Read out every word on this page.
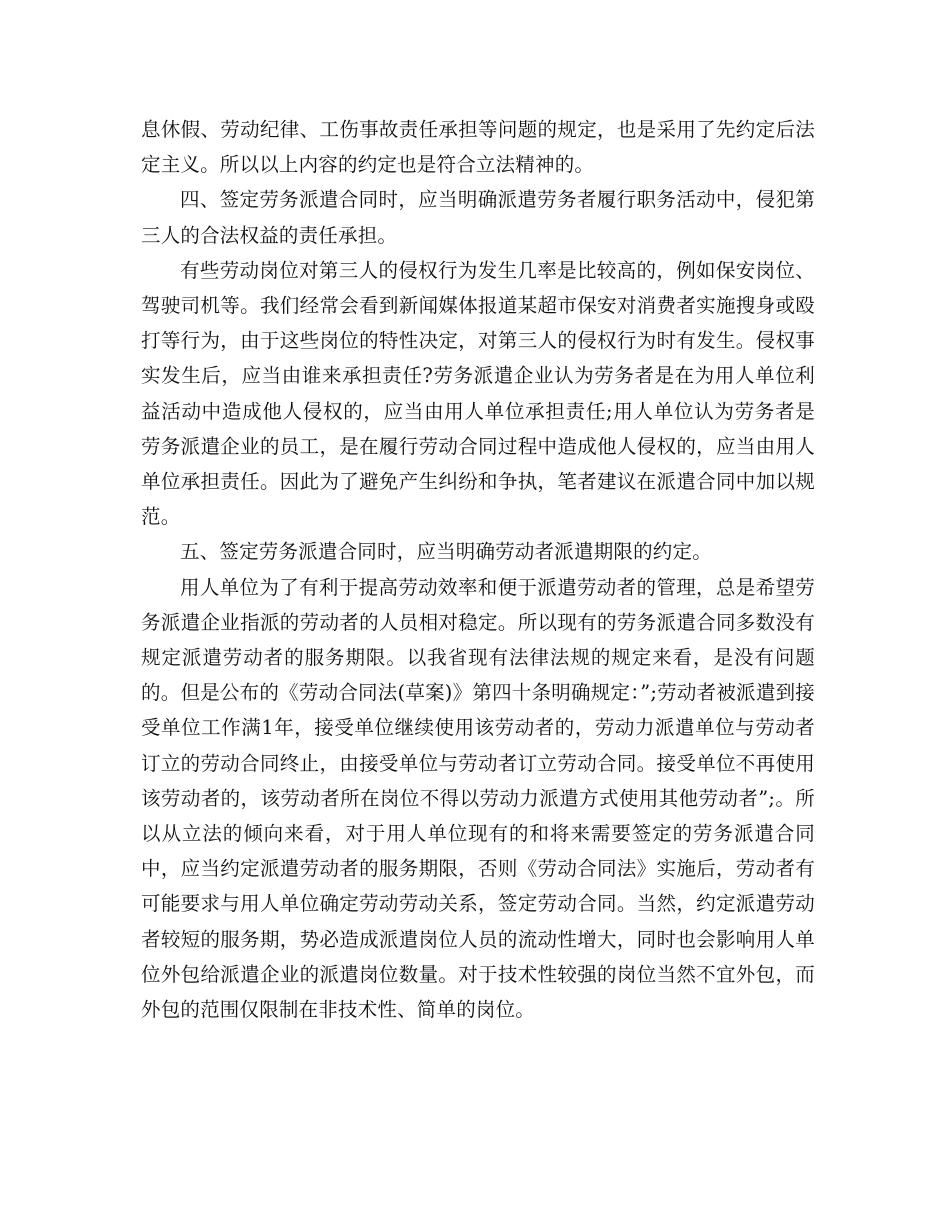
息休假、劳动纪律、工伤事故责任承担等问题的规定，也是采用了先约定后法定主义。所以以上内容的约定也是符合立法精神的。

四、签定劳务派遣合同时，应当明确派遣劳务者履行职务活动中，侵犯第三人的合法权益的责任承担。

有些劳动岗位对第三人的侵权行为发生几率是比较高的，例如保安岗位、驾驶司机等。我们经常会看到新闻媒体报道某超市保安对消费者实施搜身或殴打等行为，由于这些岗位的特性决定，对第三人的侵权行为时有发生。侵权事实发生后，应当由谁来承担责任?劳务派遣企业认为劳务者是在为用人单位利益活动中造成他人侵权的，应当由用人单位承担责任;用人单位认为劳务者是劳务派遣企业的员工，是在履行劳动合同过程中造成他人侵权的，应当由用人单位承担责任。因此为了避免产生纠纷和争执，笔者建议在派遣合同中加以规范。

五、签定劳务派遣合同时，应当明确劳动者派遣期限的约定。

用人单位为了有利于提高劳动效率和便于派遣劳动者的管理，总是希望劳务派遣企业指派的劳动者的人员相对稳定。所以现有的劳务派遣合同多数没有规定派遣劳动者的服务期限。以我省现有法律法规的规定来看，是没有问题的。但是公布的《劳动合同法(草案)》第四十条明确规定：”;劳动者被派遣到接受单位工作满1年，接受单位继续使用该劳动者的，劳动力派遣单位与劳动者订立的劳动合同终止，由接受单位与劳动者订立劳动合同。接受单位不再使用该劳动者的，该劳动者所在岗位不得以劳动力派遣方式使用其他劳动者”;。所以从立法的倾向来看，对于用人单位现有的和将来需要签定的劳务派遣合同中，应当约定派遣劳动者的服务期限，否则《劳动合同法》实施后，劳动者有可能要求与用人单位确定劳动劳动关系，签定劳动合同。当然，约定派遣劳动者较短的服务期，势必造成派遣岗位人员的流动性增大，同时也会影响用人单位外包给派遣企业的派遣岗位数量。对于技术性较强的岗位当然不宜外包，而外包的范围仅限制在非技术性、简单的岗位。
